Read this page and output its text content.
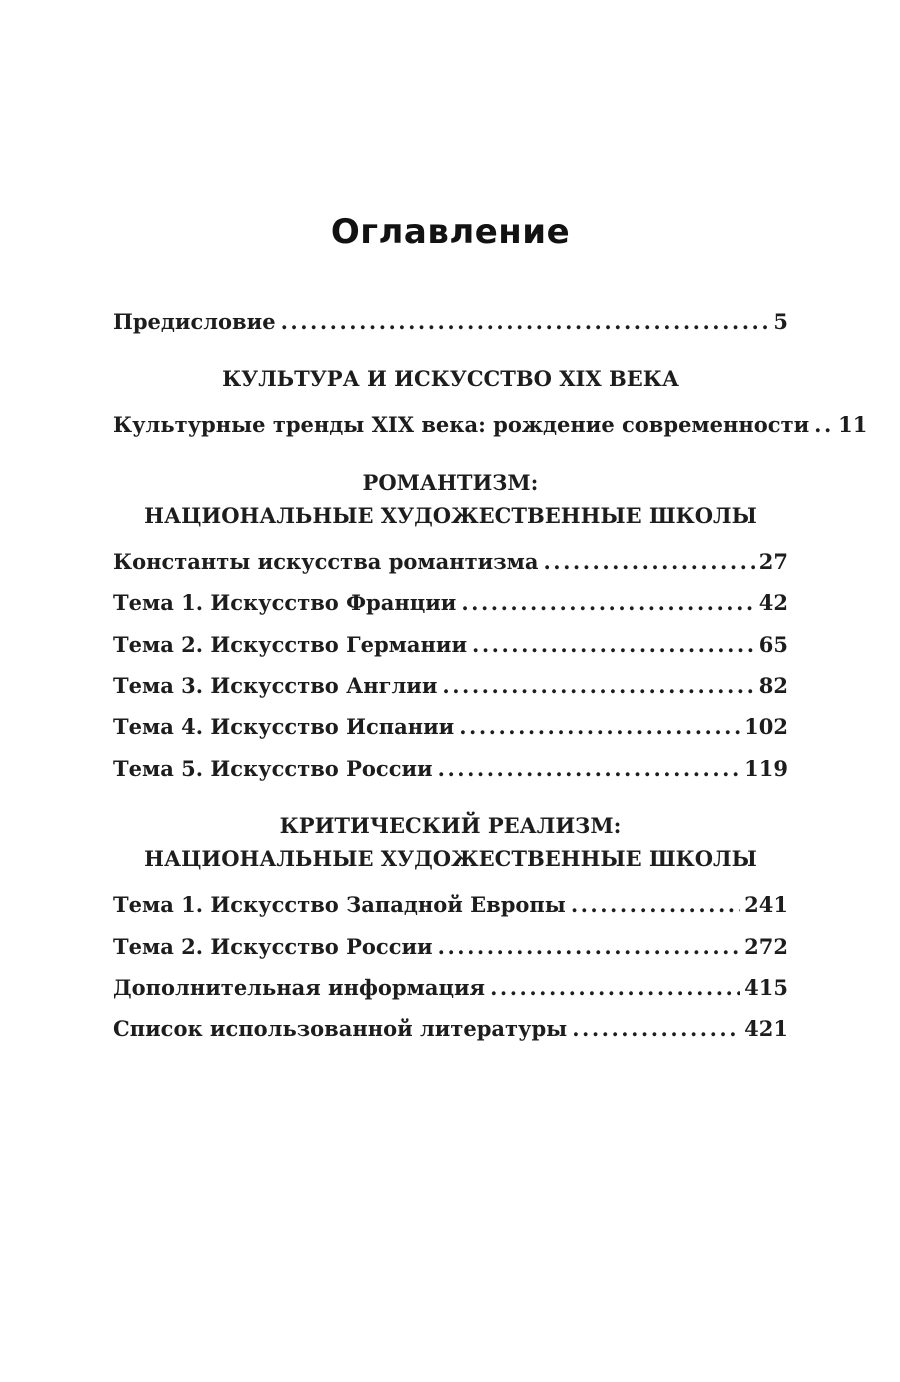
Оглавление
Предисловие .....	5
КУЛЬТУРА И ИСКУССТВО XIX ВЕКА
Культурные тренды XIX века: рождение современности ..... 11
РОМАНТИЗМ:
НАЦИОНАЛЬНЫЕ ХУДОЖЕСТВЕННЫЕ ШКОЛЫ
Константы искусства романтизма .....	27
Тема 1. Искусство Франции .....	42
Тема 2. Искусство Германии .....	65
Тема 3. Искусство Англии .....	82
Тема 4. Искусство Испании .....	102
Тема 5. Искусство России .....	119
КРИТИЧЕСКИЙ РЕАЛИЗМ:
НАЦИОНАЛЬНЫЕ ХУДОЖЕСТВЕННЫЕ ШКОЛЫ
Тема 1. Искусство Западной Европы .....	241
Тема 2. Искусство России .....	272
Дополнительная информация .....	415
Список использованной литературы .....	421
